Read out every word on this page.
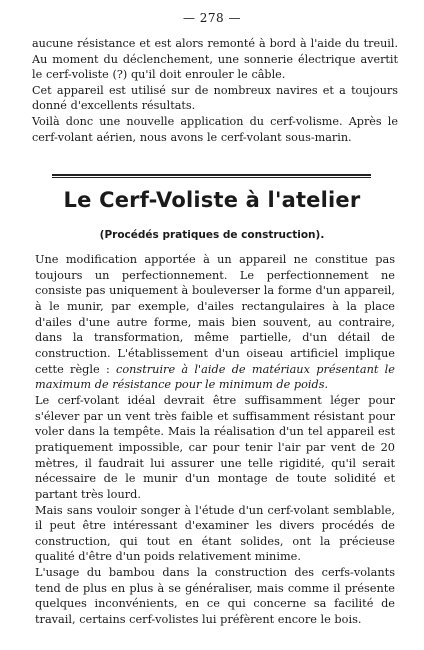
— 278 —

aucune résistance et est alors remonté à bord à l'aide du treuil. Au moment du déclenchement, une sonnerie électrique avertit le cerf-voliste (?) qu'il doit enrouler le câble.

Cet appareil est utilisé sur de nombreux navires et a toujours donné d'excellents résultats.

Voilà donc une nouvelle application du cerf-volisme. Après le cerf-volant aérien, nous avons le cerf-volant sous-marin.

Le Cerf-Voliste à l'atelier
(Procédés pratiques de construction).

Une modification apportée à un appareil ne constitue pas toujours un perfectionnement. Le perfectionnement ne consiste pas uniquement à bouleverser la forme d'un appareil, à le munir, par exemple, d'ailes rectangulaires à la place d'ailes d'une autre forme, mais bien souvent, au contraire, dans la transformation, même partielle, d'un détail de construction. L'établissement d'un oiseau artificiel implique cette règle : construire à l'aide de matériaux présentant le maximum de résistance pour le minimum de poids.

Le cerf-volant idéal devrait être suffisamment léger pour s'élever par un vent très faible et suffisamment résistant pour voler dans la tempête. Mais la réalisation d'un tel appareil est pratiquement impossible, car pour tenir l'air par vent de 20 mètres, il faudrait lui assurer une telle rigidité, qu'il serait nécessaire de le munir d'un montage de toute solidité et partant très lourd.

Mais sans vouloir songer à l'étude d'un cerf-volant semblable, il peut être intéressant d'examiner les divers procédés de construction, qui tout en étant solides, ont la précieuse qualité d'être d'un poids relativement minime.

L'usage du bambou dans la construction des cerfs-volants tend de plus en plus à se généraliser, mais comme il présente quelques inconvénients, en ce qui concerne sa facilité de travail, certains cerf-volistes lui préfèrent encore le bois.
